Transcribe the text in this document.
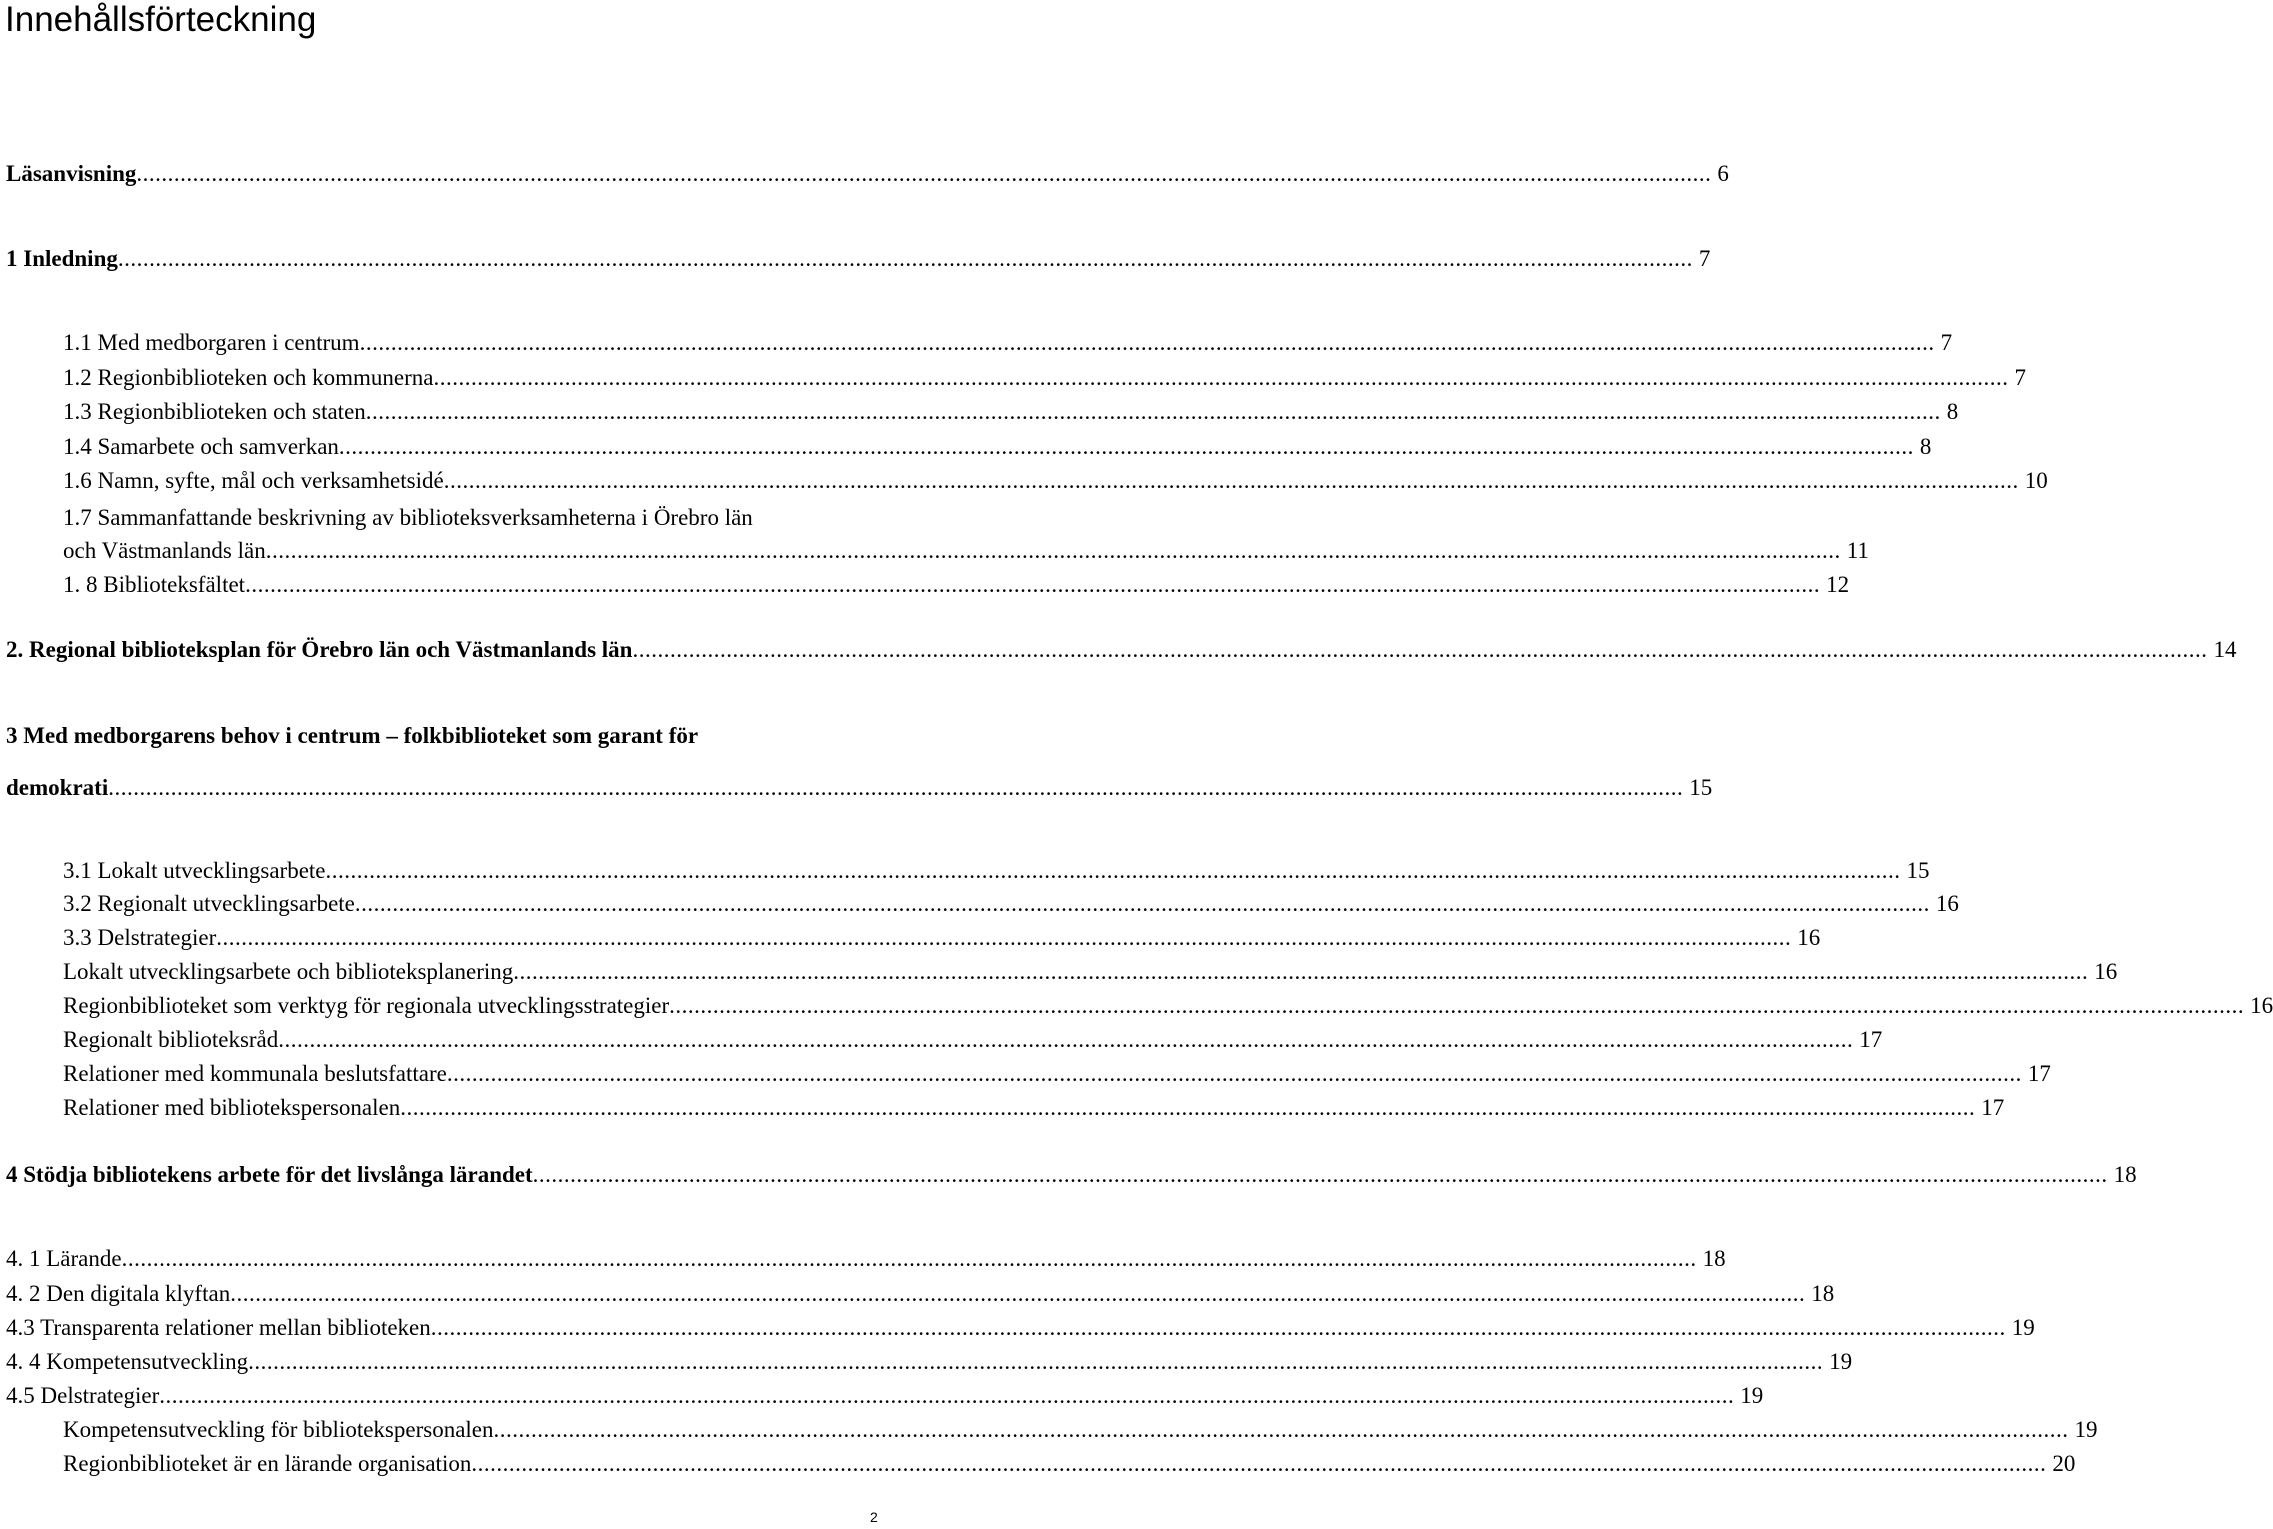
Innehållsförteckning
Läsanvisning .....	6
1 Inledning .....	7
1.1 Med medborgaren i centrum .....	7
1.2 Regionbiblioteken och kommunerna .....	7
1.3 Regionbiblioteken och staten .....	8
1.4 Samarbete och samverkan .....	8
1.6 Namn, syfte, mål och verksamhetsidé .....	10
1.7 Sammanfattande beskrivning av biblioteksverksamheterna i Örebro län
och Västmanlands län .....	11
1. 8 Biblioteksfältet .....	12
2. Regional biblioteksplan för Örebro län och Västmanlands län .....	14
3 Med medborgarens behov i centrum – folkbiblioteket som garant för
demokrati .....	15
3.1 Lokalt utvecklingsarbete .....	15
3.2 Regionalt utvecklingsarbete .....	16
3.3 Delstrategier .....	16
Lokalt utvecklingsarbete och biblioteksplanering .....	16
Regionbiblioteket som verktyg för regionala utvecklingsstrategier .....	16
Regionalt biblioteksråd .....	17
Relationer med kommunala beslutsfattare .....	17
Relationer med bibliotekspersonalen .....	17
4 Stödja bibliotekens arbete för det livslånga lärandet .....	18
4. 1 Lärande .....	18
4. 2 Den digitala klyftan .....	18
4.3 Transparenta relationer mellan biblioteken .....	19
4. 4 Kompetensutveckling .....	19
4.5 Delstrategier .....	19
Kompetensutveckling för bibliotekspersonalen .....	19
Regionbiblioteket är en lärande organisation .....	20
2
